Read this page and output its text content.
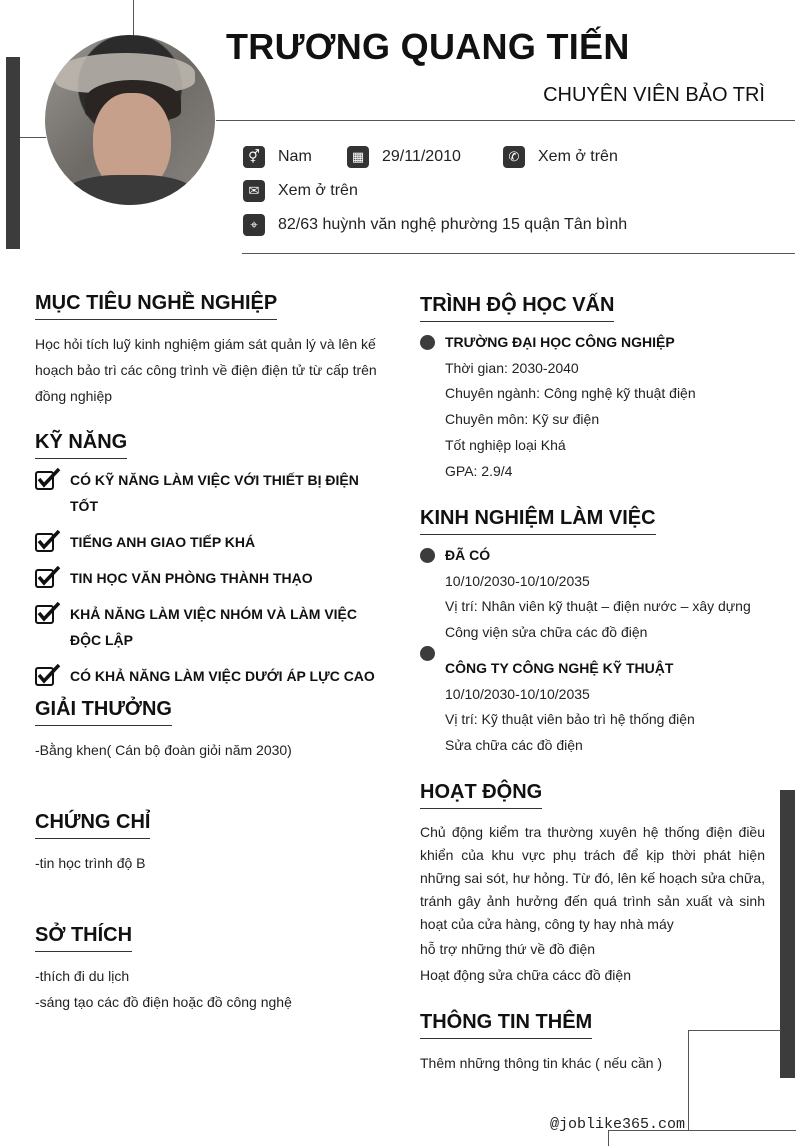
TRƯƠNG QUANG TIẾN
CHUYÊN VIÊN BẢO TRÌ
⚥	Nam	▦	29/11/2010	✆	Xem ở trên
✉	Xem ở trên
⌖	82/63 huỳnh văn nghệ phường 15 quận Tân bình
MỤC TIÊU NGHỀ NGHIỆP
Học hỏi tích luỹ kinh nghiệm giám sát quản lý và lên kế hoạch bảo trì các công trình về điện điện tử từ cấp trên đồng nghiệp
KỸ NĂNG
CÓ KỸ NĂNG LÀM VIỆC VỚI THIẾT BỊ ĐIỆN TỐT
TIẾNG ANH GIAO TIẾP KHÁ
TIN HỌC VĂN PHÒNG THÀNH THẠO
KHẢ NĂNG LÀM VIỆC NHÓM VÀ LÀM VIỆC ĐỘC LẬP
CÓ KHẢ NĂNG LÀM VIỆC DƯỚI ÁP LỰC CAO
GIẢI THƯỞNG
-Bằng khen( Cán bộ đoàn giỏi năm 2030)
CHỨNG CHỈ
-tin học trình độ B
SỞ THÍCH
-thích đi du lịch
-sáng tạo các đồ điện hoặc đồ công nghệ
TRÌNH ĐỘ HỌC VẤN
TRƯỜNG ĐẠI HỌC CÔNG NGHIỆP
Thời gian: 2030-2040
Chuyên ngành: Công nghệ kỹ thuật điện
Chuyên môn: Kỹ sư điện
Tốt nghiệp loại Khá
GPA: 2.9/4
KINH NGHIỆM LÀM VIỆC
ĐÃ CÓ
10/10/2030-10/10/2035
Vị trí: Nhân viên kỹ thuật – điện nước – xây dựng
Công viện sửa chữa các đồ điện
CÔNG TY CÔNG NGHỆ KỸ THUẬT
10/10/2030-10/10/2035
Vị trí: Kỹ thuật viên bảo trì hệ thống điện
Sửa chữa các đồ điện
HOẠT ĐỘNG
Chủ động kiểm tra thường xuyên hệ thống điện điều khiển của khu vực phụ trách để kịp thời phát hiện những sai sót, hư hỏng. Từ đó, lên kế hoạch sửa chữa, tránh gây ảnh hưởng đến quá trình sản xuất và sinh hoạt của cửa hàng, công ty hay nhà máy
hỗ trợ những thứ về đồ điện
Hoạt động sửa chữa cácc đồ điện
THÔNG TIN THÊM
Thêm những thông tin khác ( nếu cần )
@joblike365.com
